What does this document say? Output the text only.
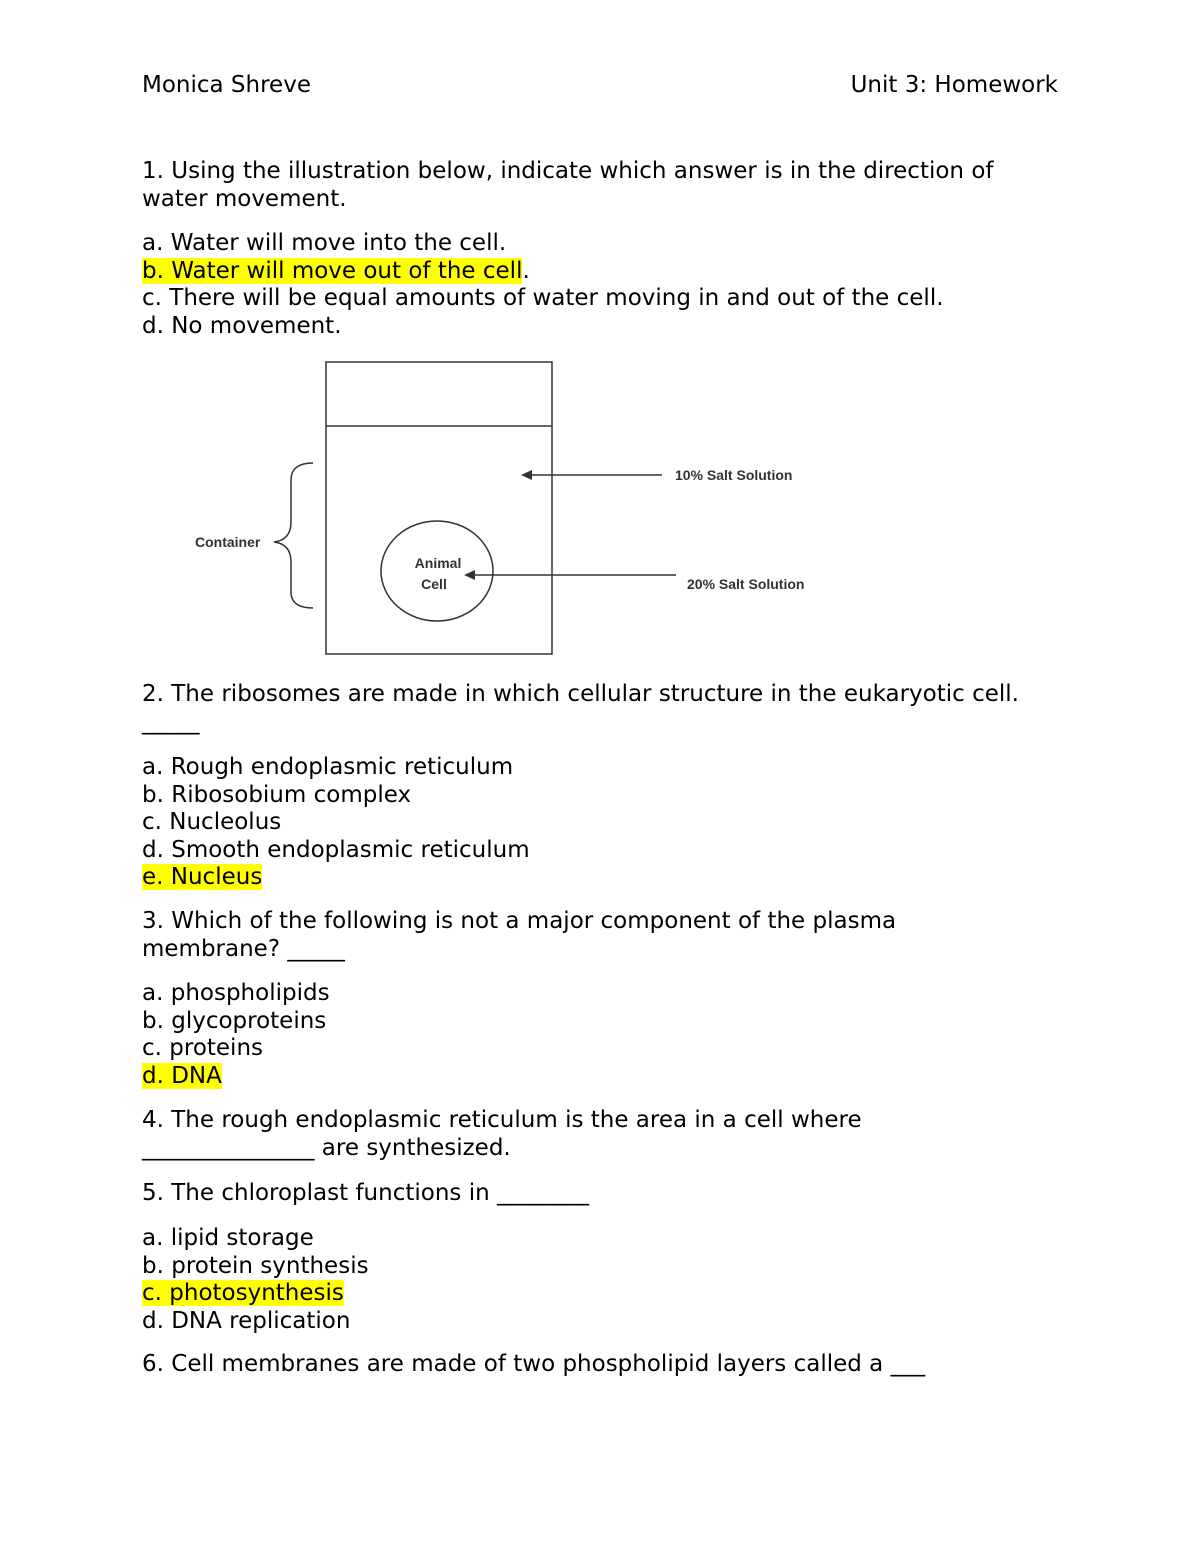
Monica Shreve	Unit 3: Homework
1. Using the illustration below, indicate which answer is in the direction of
water movement.
a. Water will move into the cell.
b. Water will move out of the cell.
c. There will be equal amounts of water moving in and out of the cell.
d. No movement.
Container
Animal
Cell
10% Salt Solution
20% Salt Solution
2. The ribosomes are made in which cellular structure in the eukaryotic cell.
_____
a. Rough endoplasmic reticulum
b. Ribosobium complex
c. Nucleolus
d. Smooth endoplasmic reticulum
e. Nucleus
3. Which of the following is not a major component of the plasma
membrane? _____
a. phospholipids
b. glycoproteins
c. proteins
d. DNA
4. The rough endoplasmic reticulum is the area in a cell where
_______________ are synthesized.
5. The chloroplast functions in ________
a. lipid storage
b. protein synthesis
c. photosynthesis
d. DNA replication
6. Cell membranes are made of two phospholipid layers called a ___
